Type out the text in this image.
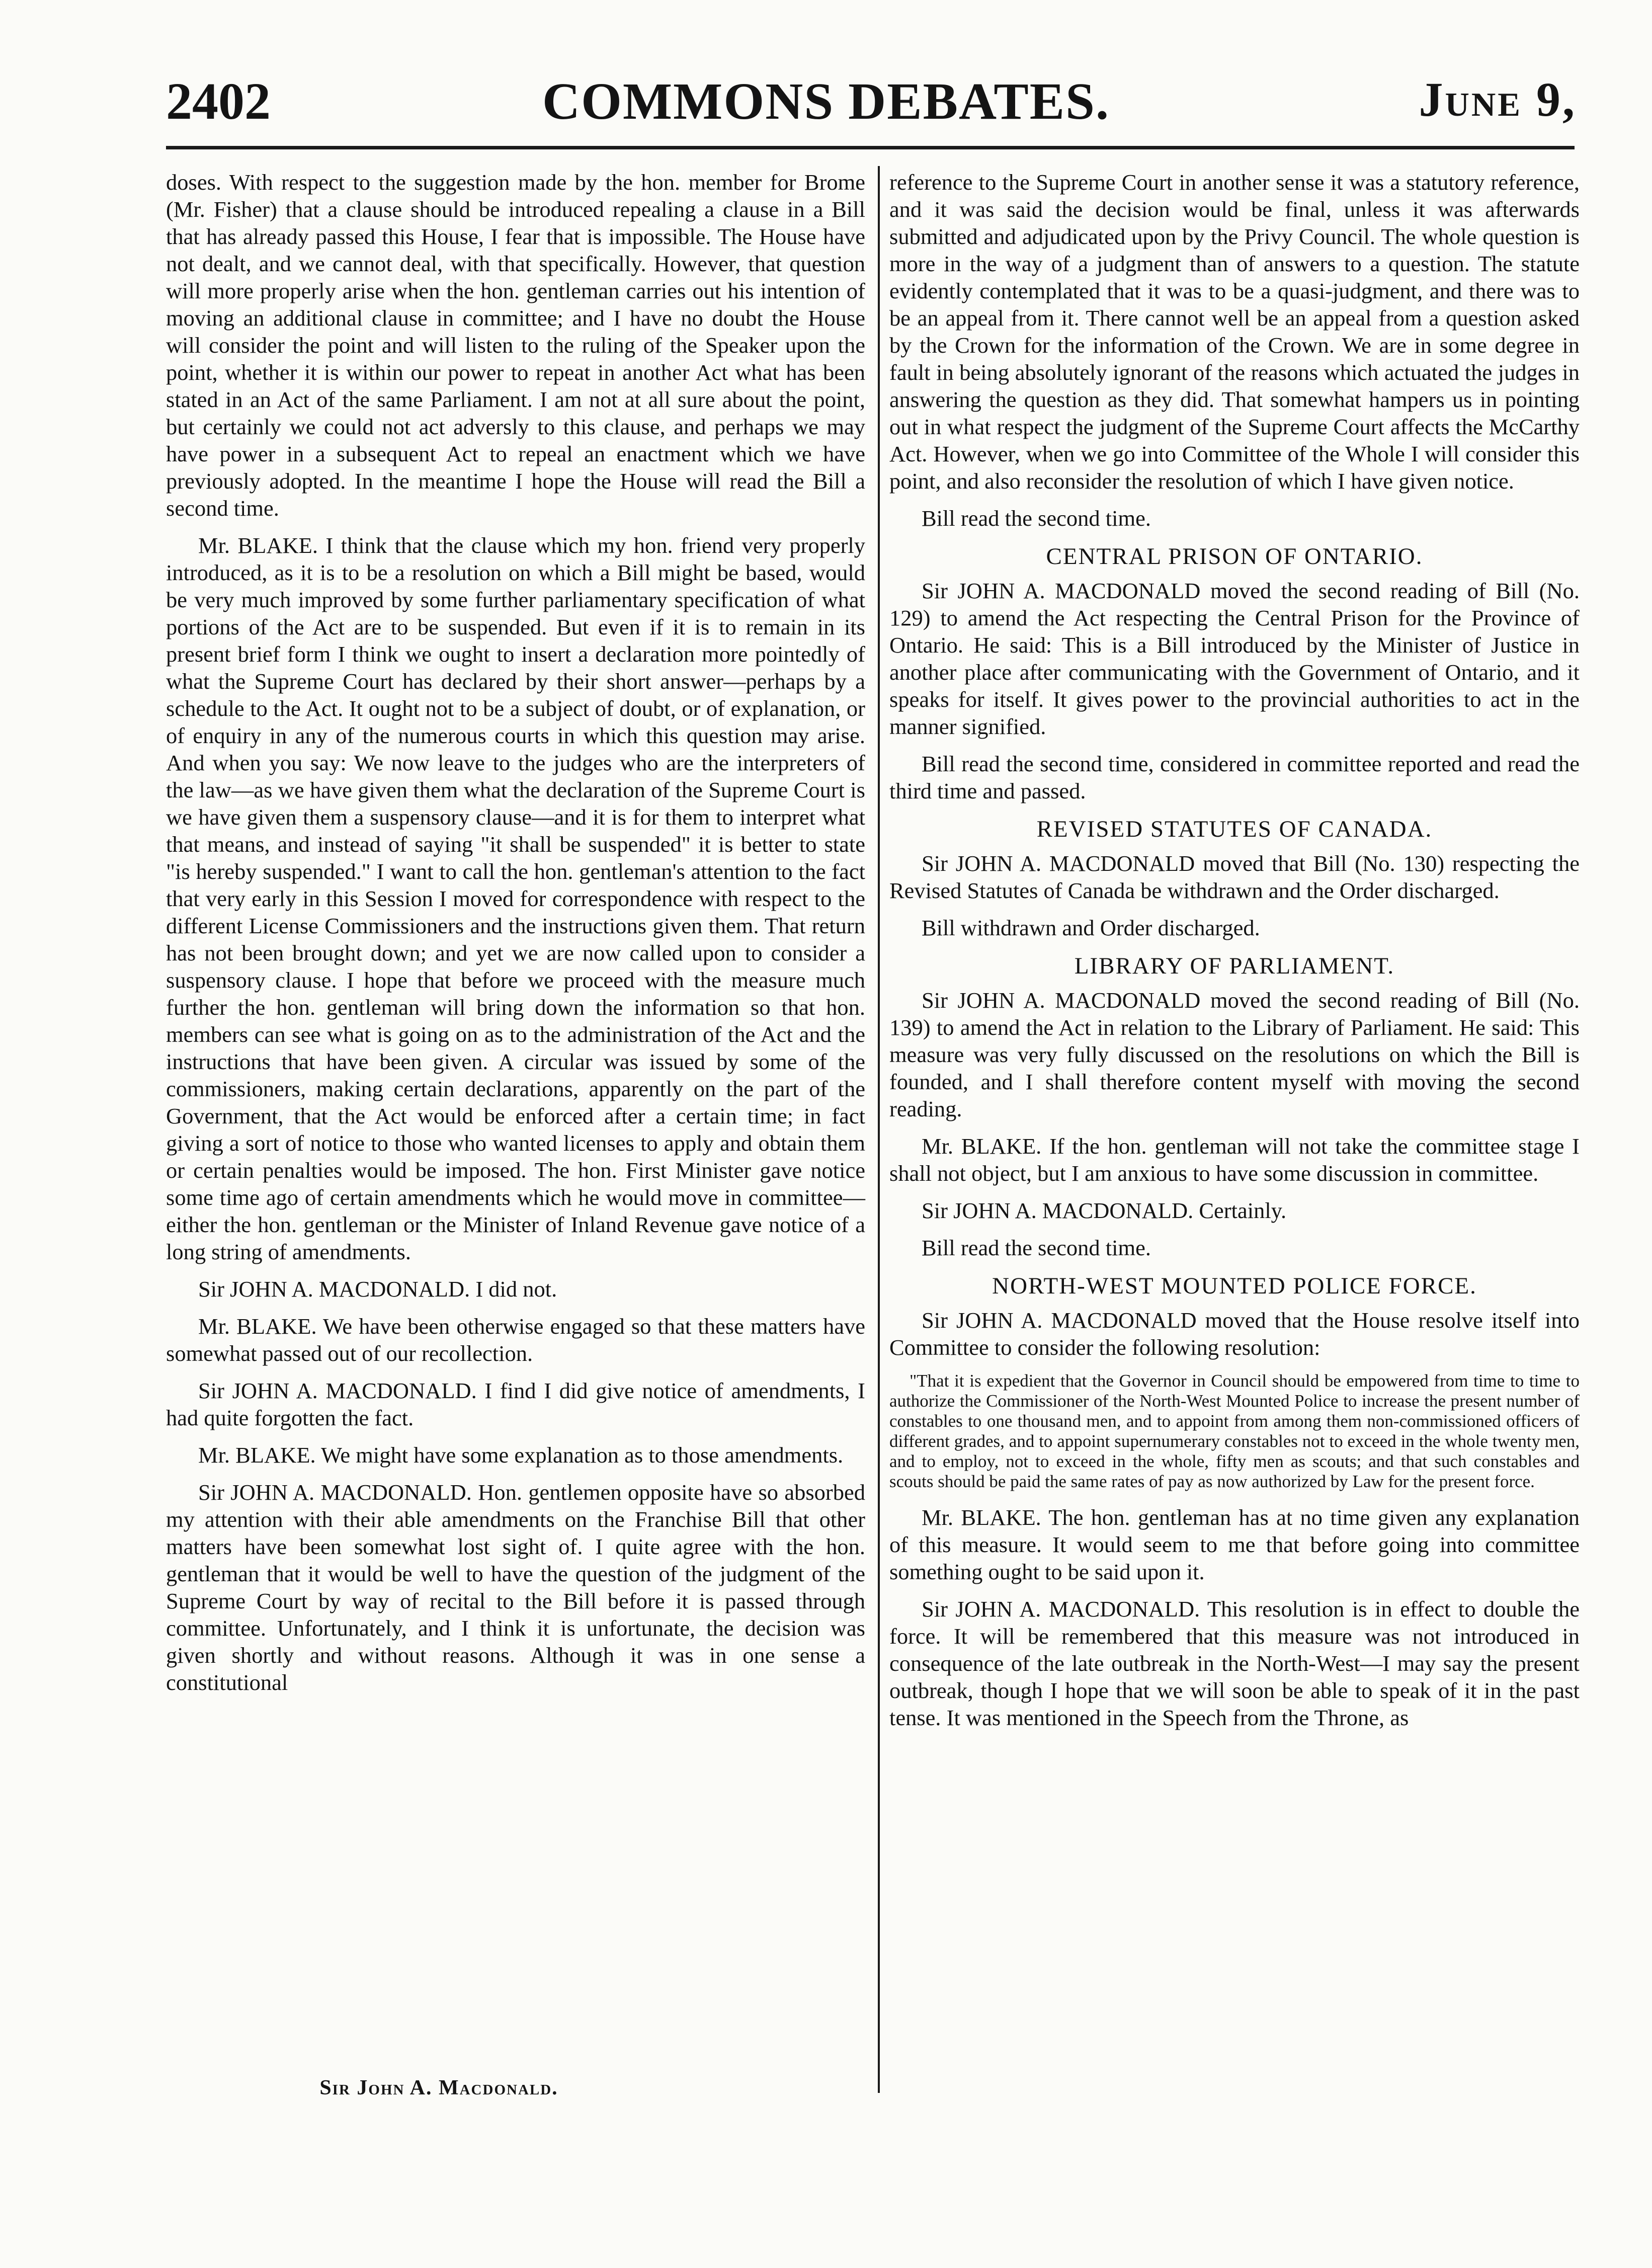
2402	COMMONS DEBATES.	June 9,

doses. With respect to the suggestion made by the hon. member for Brome (Mr. Fisher) that a clause should be introduced repealing a clause in a Bill that has already passed this House, I fear that is impossible. The House have not dealt, and we cannot deal, with that specifically. However, that question will more properly arise when the hon. gentleman carries out his intention of moving an additional clause in committee; and I have no doubt the House will consider the point and will listen to the ruling of the Speaker upon the point, whether it is within our power to repeat in another Act what has been stated in an Act of the same Parliament. I am not at all sure about the point, but certainly we could not act adversly to this clause, and perhaps we may have power in a subsequent Act to repeal an enactment which we have previously adopted. In the meantime I hope the House will read the Bill a second time.

Mr. BLAKE. I think that the clause which my hon. friend very properly introduced, as it is to be a resolution on which a Bill might be based, would be very much improved by some further parliamentary specification of what portions of the Act are to be suspended. But even if it is to remain in its present brief form I think we ought to insert a declaration more pointedly of what the Supreme Court has declared by their short answer—perhaps by a schedule to the Act. It ought not to be a subject of doubt, or of explanation, or of enquiry in any of the numerous courts in which this question may arise. And when you say: We now leave to the judges who are the interpreters of the law—as we have given them what the declaration of the Supreme Court is we have given them a suspensory clause—and it is for them to interpret what that means, and instead of saying "it shall be suspended" it is better to state "is hereby suspended." I want to call the hon. gentleman's attention to the fact that very early in this Session I moved for correspondence with respect to the different License Commissioners and the instructions given them. That return has not been brought down; and yet we are now called upon to consider a suspensory clause. I hope that before we proceed with the measure much further the hon. gentleman will bring down the information so that hon. members can see what is going on as to the administration of the Act and the instructions that have been given. A circular was issued by some of the commissioners, making certain declarations, apparently on the part of the Government, that the Act would be enforced after a certain time; in fact giving a sort of notice to those who wanted licenses to apply and obtain them or certain penalties would be imposed. The hon. First Minister gave notice some time ago of certain amendments which he would move in committee—either the hon. gentleman or the Minister of Inland Revenue gave notice of a long string of amendments.

Sir JOHN A. MACDONALD. I did not.

Mr. BLAKE. We have been otherwise engaged so that these matters have somewhat passed out of our recollection.

Sir JOHN A. MACDONALD. I find I did give notice of amendments, I had quite forgotten the fact.

Mr. BLAKE. We might have some explanation as to those amendments.

Sir JOHN A. MACDONALD. Hon. gentlemen opposite have so absorbed my attention with their able amendments on the Franchise Bill that other matters have been somewhat lost sight of. I quite agree with the hon. gentleman that it would be well to have the question of the judgment of the Supreme Court by way of recital to the Bill before it is passed through committee. Unfortunately, and I think it is unfortunate, the decision was given shortly and without reasons. Although it was in one sense a constitutional

Sir John A. Macdonald.

reference to the Supreme Court in another sense it was a statutory reference, and it was said the decision would be final, unless it was afterwards submitted and adjudicated upon by the Privy Council. The whole question is more in the way of a judgment than of answers to a question. The statute evidently contemplated that it was to be a quasi-judgment, and there was to be an appeal from it. There cannot well be an appeal from a question asked by the Crown for the information of the Crown. We are in some degree in fault in being absolutely ignorant of the reasons which actuated the judges in answering the question as they did. That somewhat hampers us in pointing out in what respect the judgment of the Supreme Court affects the McCarthy Act. However, when we go into Committee of the Whole I will consider this point, and also reconsider the resolution of which I have given notice.

Bill read the second time.

CENTRAL PRISON OF ONTARIO.

Sir JOHN A. MACDONALD moved the second reading of Bill (No. 129) to amend the Act respecting the Central Prison for the Province of Ontario. He said: This is a Bill introduced by the Minister of Justice in another place after communicating with the Government of Ontario, and it speaks for itself. It gives power to the provincial authorities to act in the manner signified.

Bill read the second time, considered in committee reported and read the third time and passed.

REVISED STATUTES OF CANADA.

Sir JOHN A. MACDONALD moved that Bill (No. 130) respecting the Revised Statutes of Canada be withdrawn and the Order discharged.

Bill withdrawn and Order discharged.

LIBRARY OF PARLIAMENT.

Sir JOHN A. MACDONALD moved the second reading of Bill (No. 139) to amend the Act in relation to the Library of Parliament. He said: This measure was very fully discussed on the resolutions on which the Bill is founded, and I shall therefore content myself with moving the second reading.

Mr. BLAKE. If the hon. gentleman will not take the committee stage I shall not object, but I am anxious to have some discussion in committee.

Sir JOHN A. MACDONALD. Certainly.

Bill read the second time.

NORTH-WEST MOUNTED POLICE FORCE.

Sir JOHN A. MACDONALD moved that the House resolve itself into Committee to consider the following resolution:

"That it is expedient that the Governor in Council should be empowered from time to time to authorize the Commissioner of the North-West Mounted Police to increase the present number of constables to one thousand men, and to appoint from among them non-commissioned officers of different grades, and to appoint supernumerary constables not to exceed in the whole twenty men, and to employ, not to exceed in the whole, fifty men as scouts; and that such constables and scouts should be paid the same rates of pay as now authorized by Law for the present force.

Mr. BLAKE. The hon. gentleman has at no time given any explanation of this measure. It would seem to me that before going into committee something ought to be said upon it.

Sir JOHN A. MACDONALD. This resolution is in effect to double the force. It will be remembered that this measure was not introduced in consequence of the late outbreak in the North-West—I may say the present outbreak, though I hope that we will soon be able to speak of it in the past tense. It was mentioned in the Speech from the Throne, as
